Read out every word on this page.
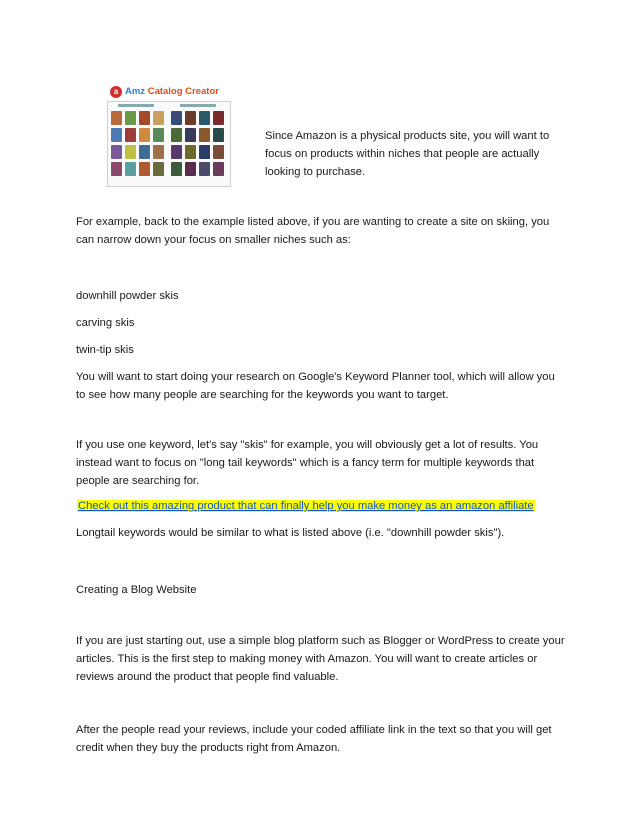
a Amz Catalog Creator

Since Amazon is a physical products site, you will want to focus on products within niches that people are actually looking to purchase.

For example, back to the example listed above, if you are wanting to create a site on skiing, you can narrow down your focus on smaller niches such as:

downhill powder skis

carving skis

twin-tip skis

You will want to start doing your research on Google's Keyword Planner tool, which will allow you to see how many people are searching for the keywords you want to target.

If you use one keyword, let's say "skis" for example, you will obviously get a lot of results. You instead want to focus on "long tail keywords" which is a fancy term for multiple keywords that people are searching for.

Check out this amazing product that can finally help you make money as an amazon affiliate

Longtail keywords would be similar to what is listed above (i.e. "downhill powder skis").

Creating a Blog Website

If you are just starting out, use a simple blog platform such as Blogger or WordPress to create your articles. This is the first step to making money with Amazon. You will want to create articles or reviews around the product that people find valuable.

After the people read your reviews, include your coded affiliate link in the text so that you will get credit when they buy the products right from Amazon.
